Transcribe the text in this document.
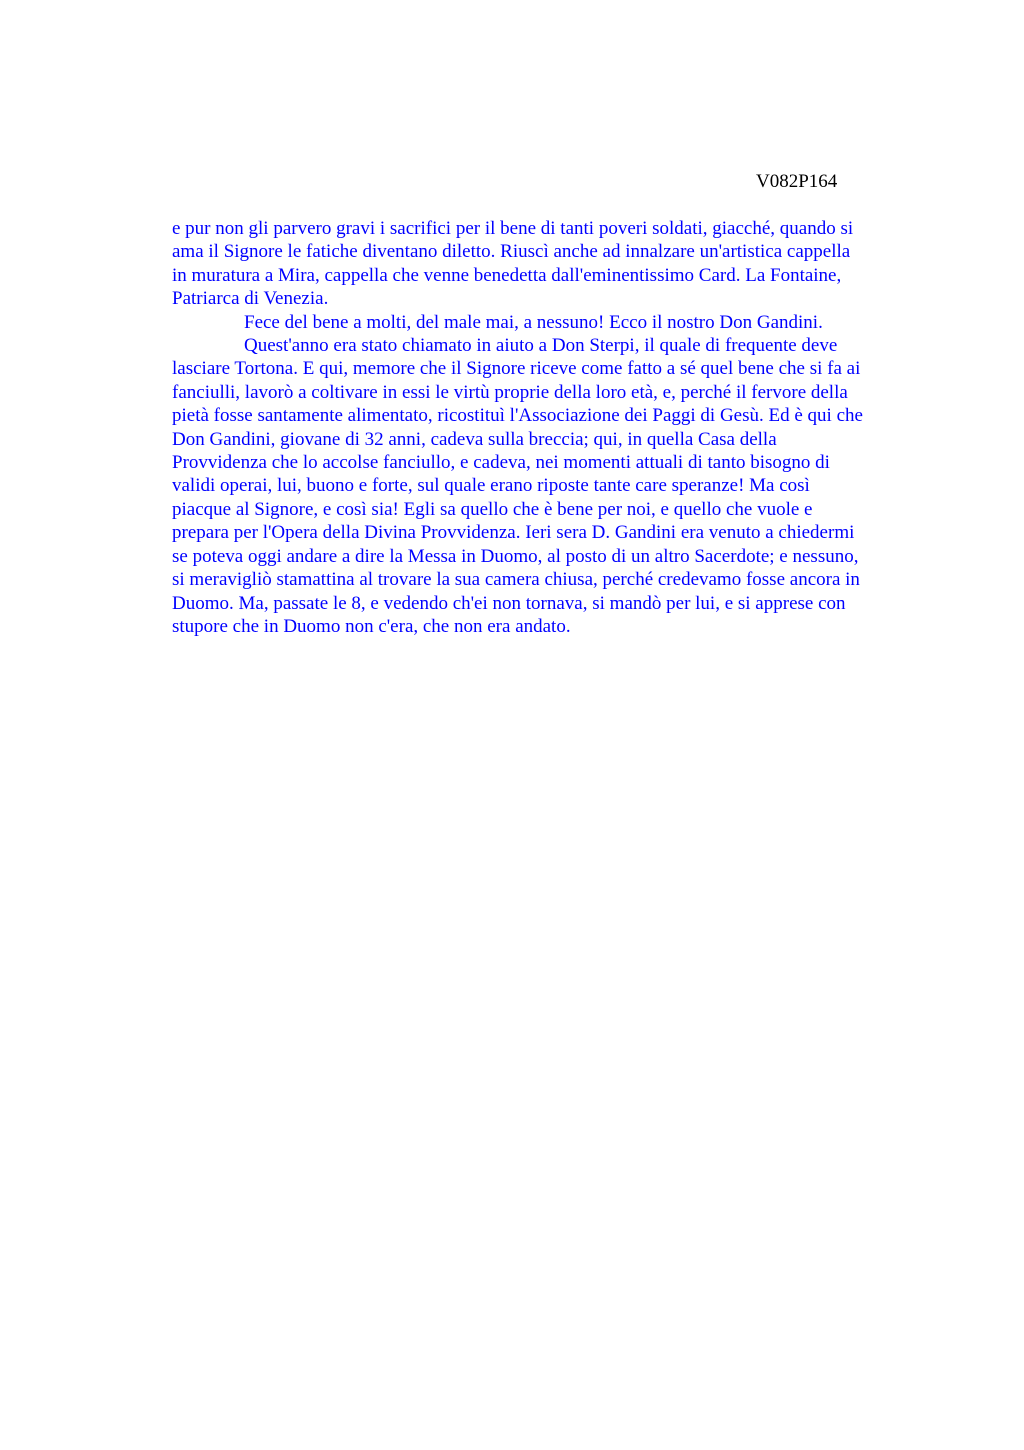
V082P164
e pur non gli parvero gravi i sacrifici per il bene di tanti poveri soldati, giacché, quando si
ama il Signore le fatiche diventano diletto. Riuscì anche ad innalzare un'artistica cappella
in muratura a Mira, cappella che venne benedetta dall'eminentissimo Card. La Fontaine,
Patriarca di Venezia.
Fece del bene a molti, del male mai, a nessuno! Ecco il nostro Don Gandini.
Quest'anno era stato chiamato in aiuto a Don Sterpi, il quale di frequente deve
lasciare Tortona. E qui, memore che il Signore riceve come fatto a sé quel bene che si fa ai
fanciulli, lavorò a coltivare in essi le virtù proprie della loro età, e, perché il fervore della
pietà fosse santamente alimentato, ricostituì l'Associazione dei Paggi di Gesù. Ed è qui che
Don Gandini, giovane di 32 anni, cadeva sulla breccia; qui, in quella Casa della
Provvidenza che lo accolse fanciullo, e cadeva, nei momenti attuali di tanto bisogno di
validi operai, lui, buono e forte, sul quale erano riposte tante care speranze! Ma così
piacque al Signore, e così sia! Egli sa quello che è bene per noi, e quello che vuole e
prepara per l'Opera della Divina Provvidenza. Ieri sera D. Gandini era venuto a chiedermi
se poteva oggi andare a dire la Messa in Duomo, al posto di un altro Sacerdote; e nessuno,
si meravigliò stamattina al trovare la sua camera chiusa, perché credevamo fosse ancora in
Duomo. Ma, passate le 8, e vedendo ch'ei non tornava, si mandò per lui, e si apprese con
stupore che in Duomo non c'era, che non era andato.
